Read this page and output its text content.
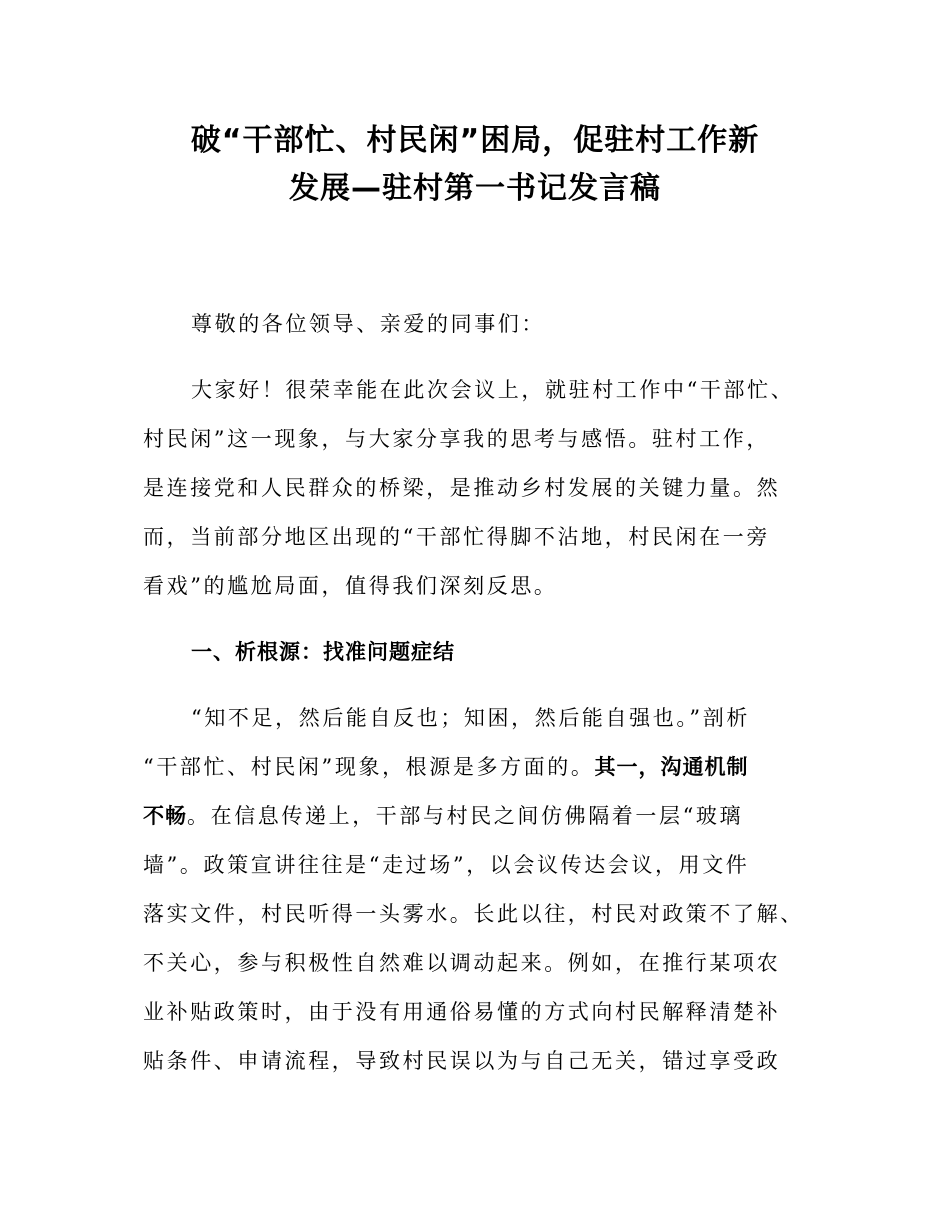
破“干部忙、村民闲”困局，促驻村工作新
发展—驻村第一书记发言稿
尊敬的各位领导、亲爱的同事们：
大家好！很荣幸能在此次会议上，就驻村工作中“干部忙、
村民闲”这一现象，与大家分享我的思考与感悟。驻村工作，
是连接党和人民群众的桥梁，是推动乡村发展的关键力量。然
而，当前部分地区出现的“干部忙得脚不沾地，村民闲在一旁
看戏”的尴尬局面，值得我们深刻反思。
一、析根源：找准问题症结
“知不足，然后能自反也；知困，然后能自强也。”剖析
“干部忙、村民闲”现象，根源是多方面的。其一，沟通机制
不畅。在信息传递上，干部与村民之间仿佛隔着一层“玻璃
墙”。政策宣讲往往是“走过场”，以会议传达会议，用文件
落实文件，村民听得一头雾水。长此以往，村民对政策不了解、
不关心，参与积极性自然难以调动起来。例如，在推行某项农
业补贴政策时，由于没有用通俗易懂的方式向村民解释清楚补
贴条件、申请流程，导致村民误以为与自己无关，错过享受政
